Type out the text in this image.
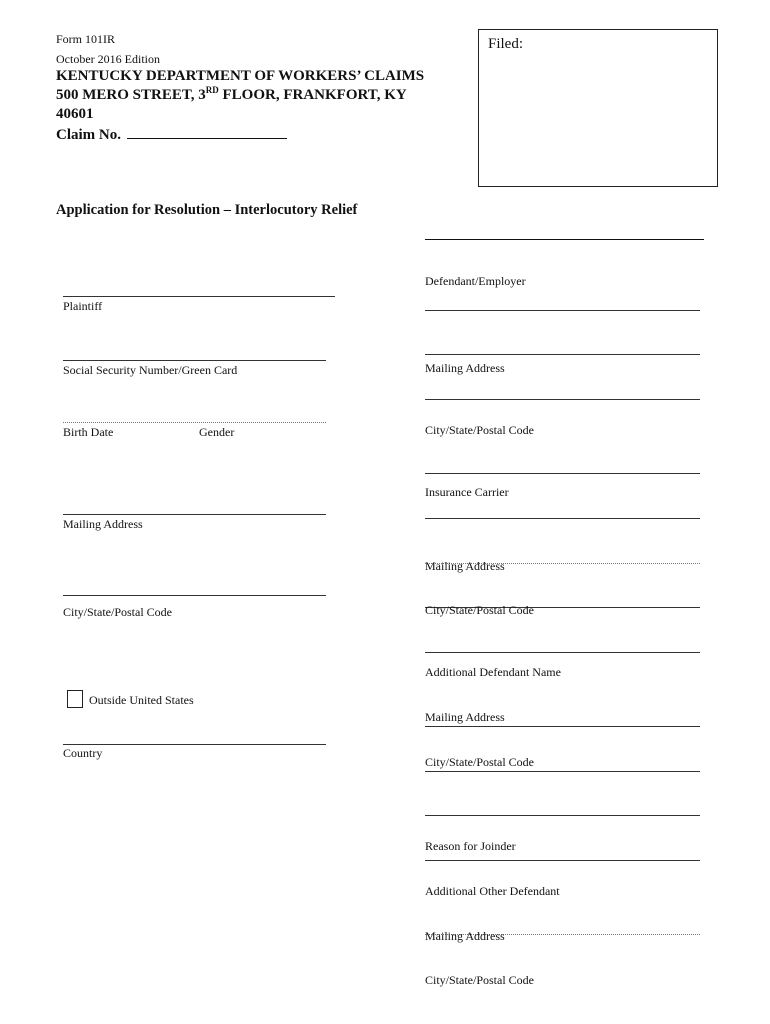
Form 101IR
October 2016 Edition
KENTUCKY DEPARTMENT OF WORKERS’ CLAIMS
500 MERO STREET, 3RD FLOOR, FRANKFORT, KY
40601
Claim No.
Filed:
Application for Resolution – Interlocutory Relief
Plaintiff
Social Security Number/Green Card
Birth Date	Gender
Mailing Address
City/State/Postal Code
Outside United States
Country
Defendant/Employer
Mailing Address
City/State/Postal Code
Insurance Carrier
Mailing Address
City/State/Postal Code
Additional Defendant Name
Mailing Address
City/State/Postal Code
Reason for Joinder
Additional Other Defendant
Mailing Address
City/State/Postal Code
